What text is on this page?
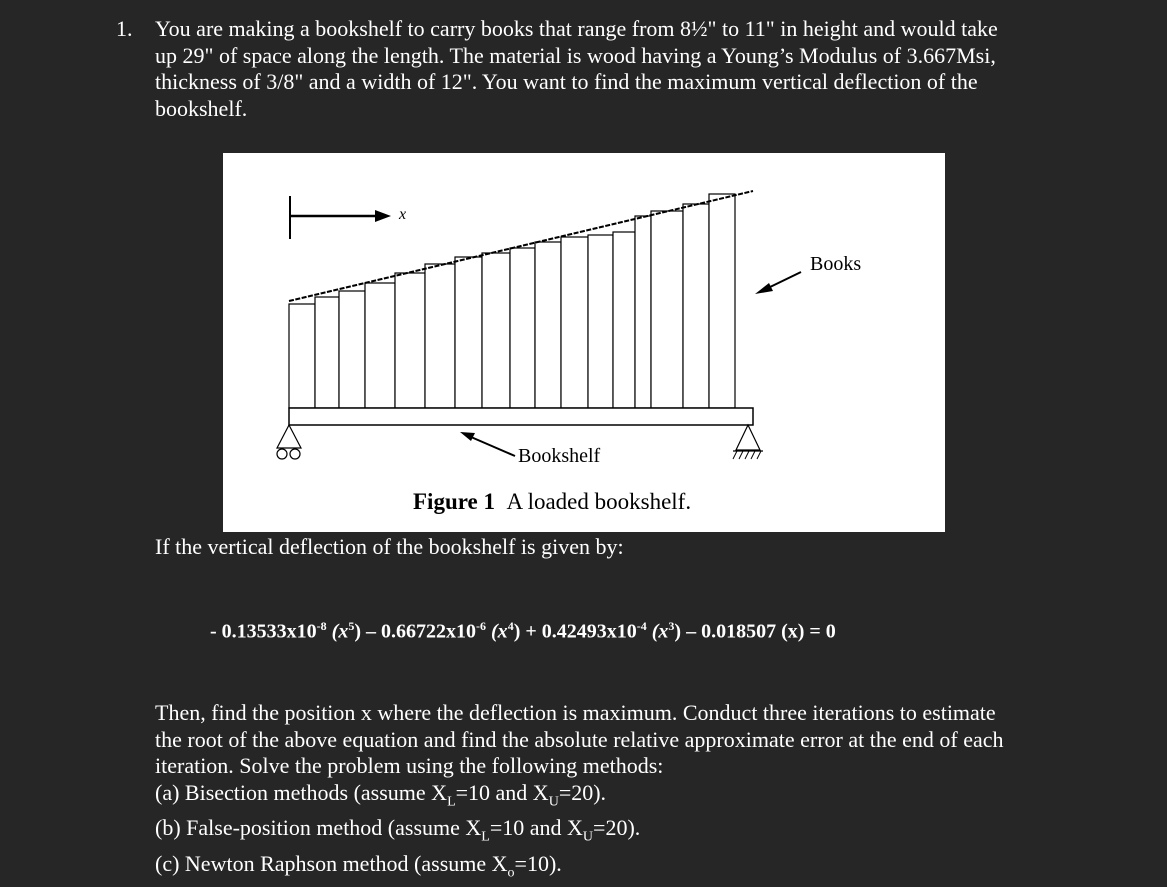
1. You are making a bookshelf to carry books that range from 8½" to 11" in height and would take
up 29" of space along the length. The material is wood having a Young’s Modulus of 3.667Msi,
thickness of 3/8" and a width of 12". You want to find the maximum vertical deflection of the
bookshelf.
x
Books
Bookshelf
Figure 1 A loaded bookshelf.
If the vertical deflection of the bookshelf is given by:
- $0.13533x10^{-8}$ $(x^5) - 0.66722x10^{-6}$ $(x^4) + 0.42493x10^{-4}$ $(x^3) - 0.018507$ (x) = 0
Then, find the position x where the deflection is maximum. Conduct three iterations to estimate
the root of the above equation and find the absolute relative approximate error at the end of each
iteration. Solve the problem using the following methods:
(a) Bisection methods (assume $X_L=10$ and $X_U=20$).
(b) False-position method (assume $X_L=10$ and $X_U=20$).
(c) Newton Raphson method (assume $X_o=10$).
